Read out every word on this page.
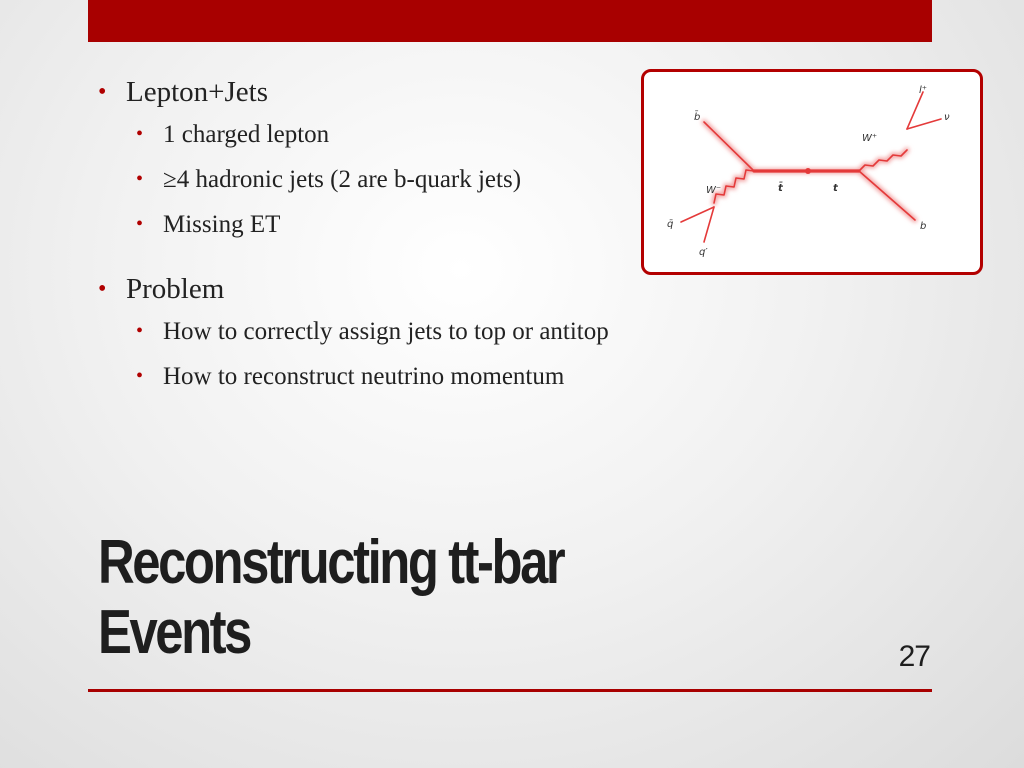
• Lepton+Jets
• 1 charged lepton
• ≥4 hadronic jets (2 are b-quark jets)
• Missing ET
• Problem
• How to correctly assign jets to top or antitop
• How to reconstruct neutrino momentum
b̄
W⁻
q̄
q′
t̄	t
W⁺
l⁺
ν
b
Reconstructing tt-bar
Events	27
